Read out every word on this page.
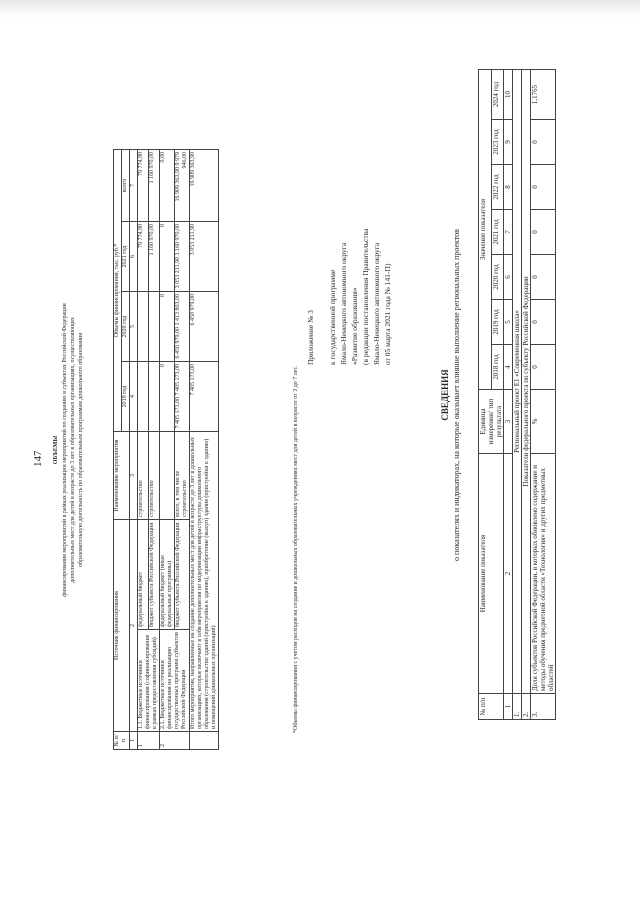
147 ОБЪЕМЫ финансирования мероприятий в рамках реализации мероприятий по созданию в субъектах Российской Федерации дополнительных мест для детей в возрасте до 3 лет в образовательных организациях, осуществляющих образовательную деятельность по образовательным программам дошкольного образования
№ п/п	Источник финансирования		Наименование мероприятия	Объемы финансирования, тыс. руб.*			
				2019 год	2020 год	2021 год	всего
1	2		3	4	5	6	7
1	1.1. Бюджетные источники финансирования (софинансирование в рамках предоставления субсидий)	федеральный бюджет	строительство			79 774,90	79 774,90
		бюджет субъекта Российской Федерации	строительство			1 160 970,00	1 160 970,00
2	2.1. Бюджетные источники финансирования на реализацию государственных программ субъектов Российской Федерации	федеральный бюджет (иные федеральные программы)		0	0	0	0,00
		бюджет субъекта Российской Федерации	всего, в том числе строительство	7 405 173,00 7 405 173,00	6 450 979,00 1 413 803,00	3 053 211,90 1 160 970,00	16 909 363,90 9 979 946,00
	Итого мероприятия, направленные на создание дополнительных мест для детей в возрасте до 3 лет в дошкольных организациях, которые включают в себя мероприятия по модернизации инфраструктуры дошкольного образования (строительство зданий (пристройки к зданию), приобретение (выкуп) здания (пристройки к зданию) и помещений дошкольных организаций)			7 405 173,00	6 450 979,00	3 053 211,90	16 909 363,90
*Объемы финансирования с учетом расходов на создание в дошкольных образовательных учреждениях мест для детей в возрасте от 3 до 7 лет.
Приложение № 3 к государственной программе Ямало-Ненецкого автономного округа «Развитие образования» (в редакции постановления Правительства Ямало-Ненецкого автономного округа от 05 марта 2021 года № 141-П)
СВЕДЕНИЯ о показателях и индикаторах, на которые оказывает влияние выполнение региональных проектов
№ п/п	Наименование показателя	Единица измерения/ тип результата	Значение показателя						
			2018 год	2019 год	2020 год	2021 год	2022 год	2023 год	2024 год
1	2	3	4	5	6	7	8	9	10
1.	Региональный проект E1 «Современная школа»								
2.	Показатели федерального проекта по субъекту Российской Федерации								
3.	Доля субъектов Российской Федерации, в которых обновлено содержание и методы обучения предметной области «Технология» и других предметных областей	%	0	0	0	0	0	0	1,1765
